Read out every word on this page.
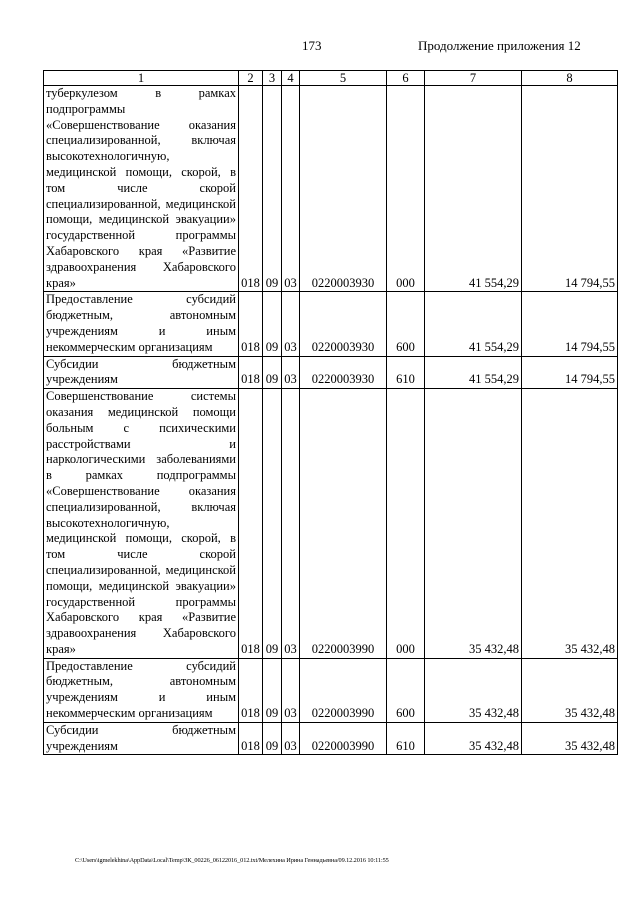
173	Продолжение приложения 12
1	2	3	4	5	6	7	8
туберкулезом в рамках подпрограммы «Совершенствование оказания специализированной, включая высокотехнологичную, медицинской помощи, скорой, в том числе скорой специализированной, медицинской помощи, медицинской эвакуации» государственной программы Хабаровского края «Развитие здравоохранения Хабаровского края»	018	09	03	0220003930	000	41 554,29	14 794,55
Предоставление субсидий бюджетным, автономным учреждениям и иным некоммерческим организациям	018	09	03	0220003930	600	41 554,29	14 794,55
Субсидии бюджетным учреждениям	018	09	03	0220003930	610	41 554,29	14 794,55
Совершенствование системы оказания медицинской помощи больным с психическими расстройствами и наркологическими заболеваниями в рамках подпрограммы «Совершенствование оказания специализированной, включая высокотехнологичную, медицинской помощи, скорой, в том числе скорой специализированной, медицинской помощи, медицинской эвакуации» государственной программы Хабаровского края «Развитие здравоохранения Хабаровского края»	018	09	03	0220003990	000	35 432,48	35 432,48
Предоставление субсидий бюджетным, автономным учреждениям и иным некоммерческим организациям	018	09	03	0220003990	600	35 432,48	35 432,48
Субсидии бюджетным учреждениям	018	09	03	0220003990	610	35 432,48	35 432,48
C:\Users\igmelekhina\AppData\Local\Temp\ЗК_00226_06122016_012.txt/Мелехина Ирина Геннадьевна/09.12.2016 10:11:55
